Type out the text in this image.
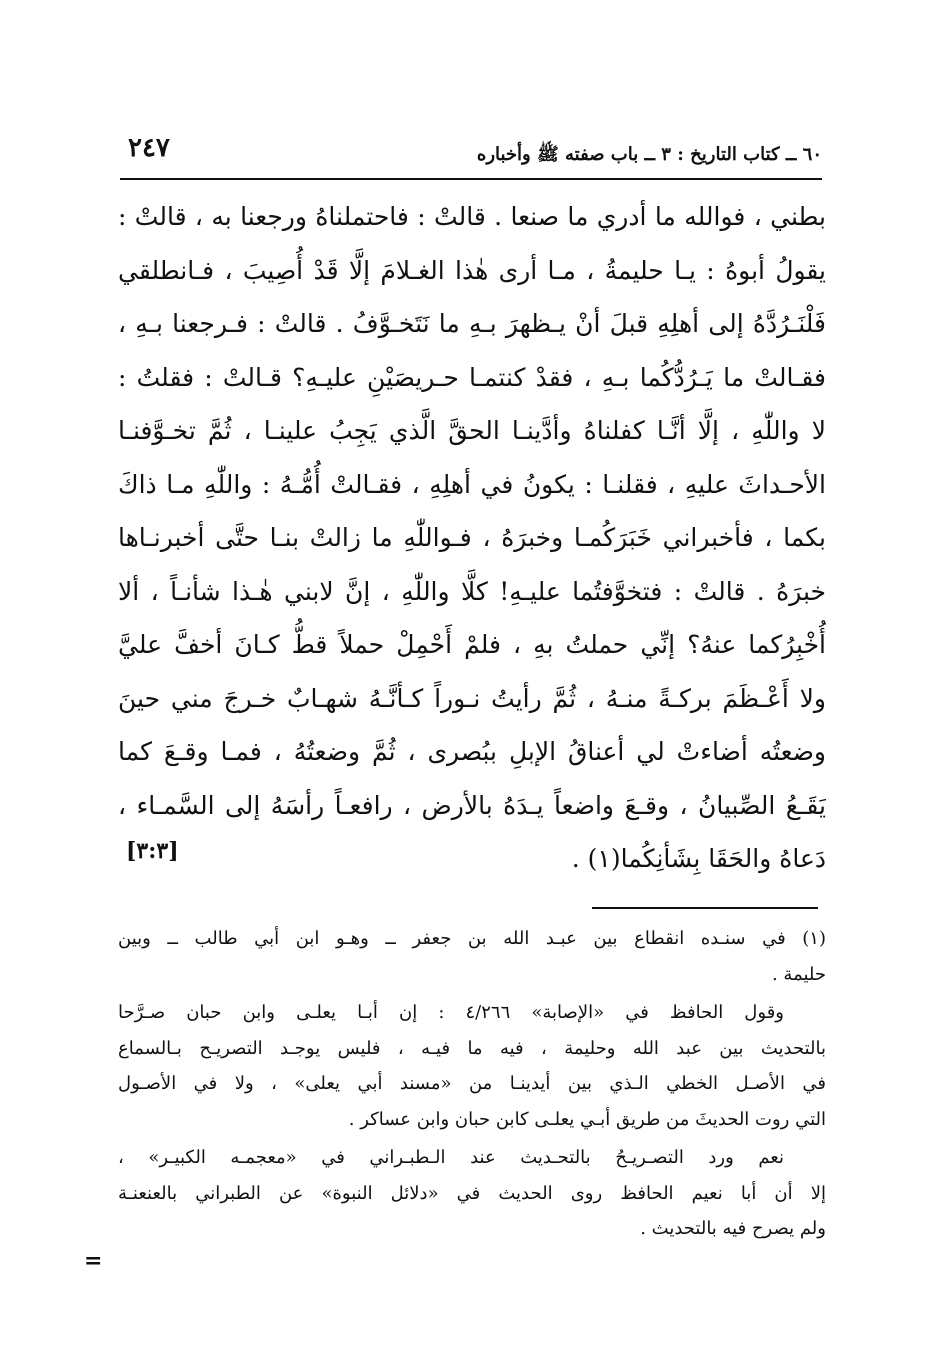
٦٠ ــ كتاب التاريخ : ٣ ــ باب صفته ﷺ وأخباره
٢٤٧
بطني ، فوالله ما أدري ما صنعا . قالتْ : فاحتملناهُ ورجعنا به ، قالتْ :
يقولُ أبوهُ : يـا حليمةُ ، مـا أرى هٰذا الغـلامَ إلَّا قَدْ أُصِيبَ ، فـانطلقي
فَلْنَـرُدَّهُ إلى أهلِهِ قبلَ أنْ يـظهرَ بـهِ ما نَتَخـوَّفُ . قالتْ : فـرجعنا بـهِ ،
فقـالتْ ما يَـرُدُّكُما بـهِ ، فقدْ كنتمـا حـريصَيْنِ عليـهِ؟ قـالتْ : فقلتُ :
لا واللّٰهِ ، إلَّا أنَّـا كفلناهُ وأدَّينـا الحقَّ الَّذي يَجِبُ علينـا ، ثُمَّ تخـوَّفنـا
الأحـداثَ عليهِ ، فقلنـا : يكونُ في أهلِهِ ، فقـالتْ أُمُّـهُ : واللّٰهِ مـا ذاكَ
بكما ، فأخبراني خَبَرَكُمـا وخبرَهُ ، فـواللّٰهِ ما زالتْ بنـا حتَّى أخبرنـاها
خبرَهُ . قالتْ : فتخوَّفتُما عليـهِ! كلَّا واللّٰهِ ، إنَّ لابني هٰـذا شأنـاً ، ألا
أُخْبِرُكما عنهُ؟ إنِّي حملتُ بهِ ، فلمْ أَحْمِلْ حملاً قطُّ كـانَ أخفَّ عليَّ
ولا أَعْـظَمَ بركـةً منـهُ ، ثُمَّ رأيتُ نـوراً كـأنَّـهُ شهـابٌ خـرجَ مني حينَ
وضعتُه أضاءتْ لي أعناقُ الإبلِ ببُصرى ، ثُمَّ وضعتُهُ ، فمـا وقـعَ كما
يَقَـعُ الصِّبيانُ ، وقـعَ واضعاً يـدَهُ بالأرض ، رافعـاً رأسَهُ إلى السَّمـاء ،
دَعاهُ والحَقَا بِشَأنِكُما(١) .
[٣:٣]
(١) في سنـده انقطاع بين عبـد الله بن جعفر ــ وهـو ابن أبي طالب ــ وبين
حليمة .
وقول الحافظ في «الإصابة» ٤/٢٦٦ : إن أبـا يعلـى وابن حبان صـرَّحا
بالتحديث بين عبد الله وحليمة ، فيه ما فيـه ، فليس يوجـد التصريـح بـالسماع
في الأصـل الخطي الـذي بين أيدينـا من «مسند أبي يعلى» ، ولا في الأصـول
التي روت الحديثَ من طريق أبـي يعلـى كابن حبان وابن عساكر .
نعم ورد التصـريـحُ بالتحـديث عند الـطبـراني في «معجمـه الكبيـر» ،
إلا أن أبا نعيم الحافظ روى الحديث في «دلائل النبوة» عن الطبراني بالعنعنـة
ولم يصرح فيه بالتحديث .
=
